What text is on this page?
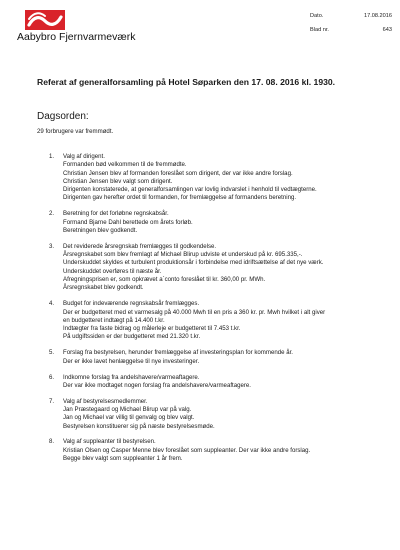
Aabybro Fjernvarmeværk
Dato.	17.08.2016
Blad nr.	643
Referat af generalforsamling på Hotel Søparken den 17. 08. 2016 kl. 1930.
Dagsorden:
29 forbrugere var fremmødt.
1. Valg af dirigent.
Formanden bød velkommen til de fremmødte.
Christian Jensen blev af formanden foreslået som dirigent, der var ikke andre forslag.
Christian Jensen blev valgt som dirigent.
Dirigenten konstaterede, at generalforsamlingen var lovlig indvarslet i henhold til vedtægterne.
Dirigenten gav herefter ordet til formanden, for fremlæggelse af formandens beretning.
2. Beretning for det forløbne regnskabsår.
Formand Bjarne Dahl berettede om årets forløb.
Beretningen blev godkendt.
3. Det reviderede årsregnskab fremlægges til godkendelse.
Årsregnskabet som blev fremlagt af Michael Blirup udviste et underskud på kr. 695.335,-.
Underskuddet skyldes et turbulent produktionsår i forbindelse med idriftsættelse af det nye værk.
Underskuddet overføres til næste år.
Afregningsprisen er, som opkrævet a`conto foreslået til kr. 360,00 pr. MWh.
Årsregnskabet blev godkendt.
4. Budget for indeværende regnskabsår fremlægges.
Der er budgetteret med et varmesalg på 40.000 Mwh til en pris a 360 kr. pr. Mwh hvilket i alt giver
en budgetteret indtægt på 14.400 t.kr.
Indtægter fra faste bidrag og målerleje er budgetteret til 7.453 t.kr.
På udgiftssiden er der budgetteret med 21.320 t.kr.
5. Forslag fra bestyrelsen, herunder fremlæggelse af investeringsplan for kommende år.
Der er ikke lavet henlæggelse til nye investeringer.
6. Indkomne forslag fra andelshavere/varmeaftagere.
Der var ikke modtaget nogen forslag fra andelshavere/varmeaftagere.
7. Valg af bestyrelsesmedlemmer.
Jan Præstegaard og Michael Blirup var på valg.
Jan og Michael var villig til genvalg og blev valgt.
Bestyrelsen konstituerer sig på næste bestyrelsesmøde.
8. Valg af suppleanter til bestyrelsen.
Kristian Olsen og Casper Menne blev foreslået som suppleanter. Der var ikke andre forslag.
Begge blev valgt som suppleanter 1 år frem.
